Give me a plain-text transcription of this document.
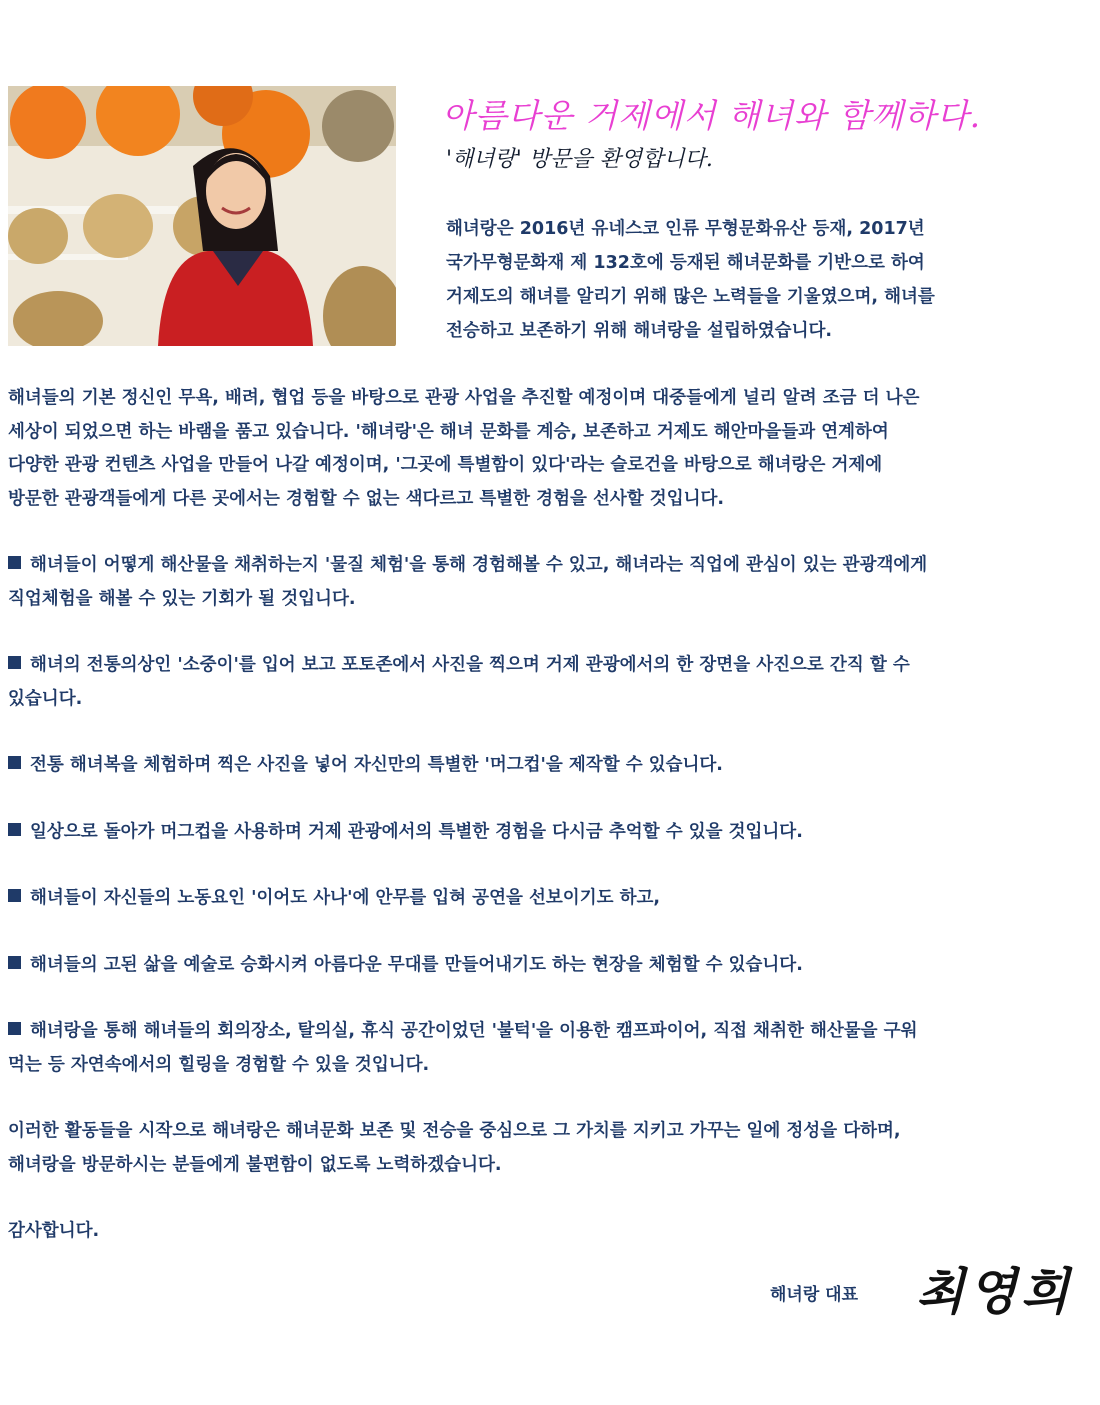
아름다운 거제에서 해녀와 함께하다.
'해녀랑' 방문을 환영합니다.
해녀랑은 2016년 유네스코 인류 무형문화유산 등재, 2017년
국가무형문화재 제 132호에 등재된 해녀문화를 기반으로 하여
거제도의 해녀를 알리기 위해 많은 노력들을 기울였으며, 해녀를
전승하고 보존하기 위해 해녀랑을 설립하였습니다.
해녀들의 기본 정신인 무욕, 배려, 협업 등을 바탕으로 관광 사업을 추진할 예정이며 대중들에게 널리 알려 조금 더 나은
세상이 되었으면 하는 바램을 품고 있습니다. '해녀랑'은 해녀 문화를 계승, 보존하고 거제도 해안마을들과 연계하여
다양한 관광 컨텐츠 사업을 만들어 나갈 예정이며, '그곳에 특별함이 있다'라는 슬로건을 바탕으로 해녀랑은 거제에
방문한 관광객들에게 다른 곳에서는 경험할 수 없는 색다르고 특별한 경험을 선사할 것입니다.
해녀들이 어떻게 해산물을 채취하는지 '물질 체험'을 통해 경험해볼 수 있고, 해녀라는 직업에 관심이 있는 관광객에게
직업체험을 해볼 수 있는 기회가 될 것입니다.
해녀의 전통의상인 '소중이'를 입어 보고 포토존에서 사진을 찍으며 거제 관광에서의 한 장면을 사진으로 간직 할 수
있습니다.
전통 해녀복을 체험하며 찍은 사진을 넣어 자신만의 특별한 '머그컵'을 제작할 수 있습니다.
일상으로 돌아가 머그컵을 사용하며 거제 관광에서의 특별한 경험을 다시금 추억할 수 있을 것입니다.
해녀들이 자신들의 노동요인 '이어도 사나'에 안무를 입혀 공연을 선보이기도 하고,
해녀들의 고된 삶을 예술로 승화시켜 아름다운 무대를 만들어내기도 하는 현장을 체험할 수 있습니다.
해녀랑을 통해 해녀들의 회의장소, 탈의실, 휴식 공간이었던 '불턱'을 이용한 캠프파이어, 직접 채취한 해산물을 구워
먹는 등 자연속에서의 힐링을 경험할 수 있을 것입니다.
이러한 활동들을 시작으로 해녀랑은 해녀문화 보존 및 전승을 중심으로 그 가치를 지키고 가꾸는 일에 정성을 다하며,
해녀랑을 방문하시는 분들에게 불편함이 없도록 노력하겠습니다.
감사합니다.
해녀랑 대표 최영희
